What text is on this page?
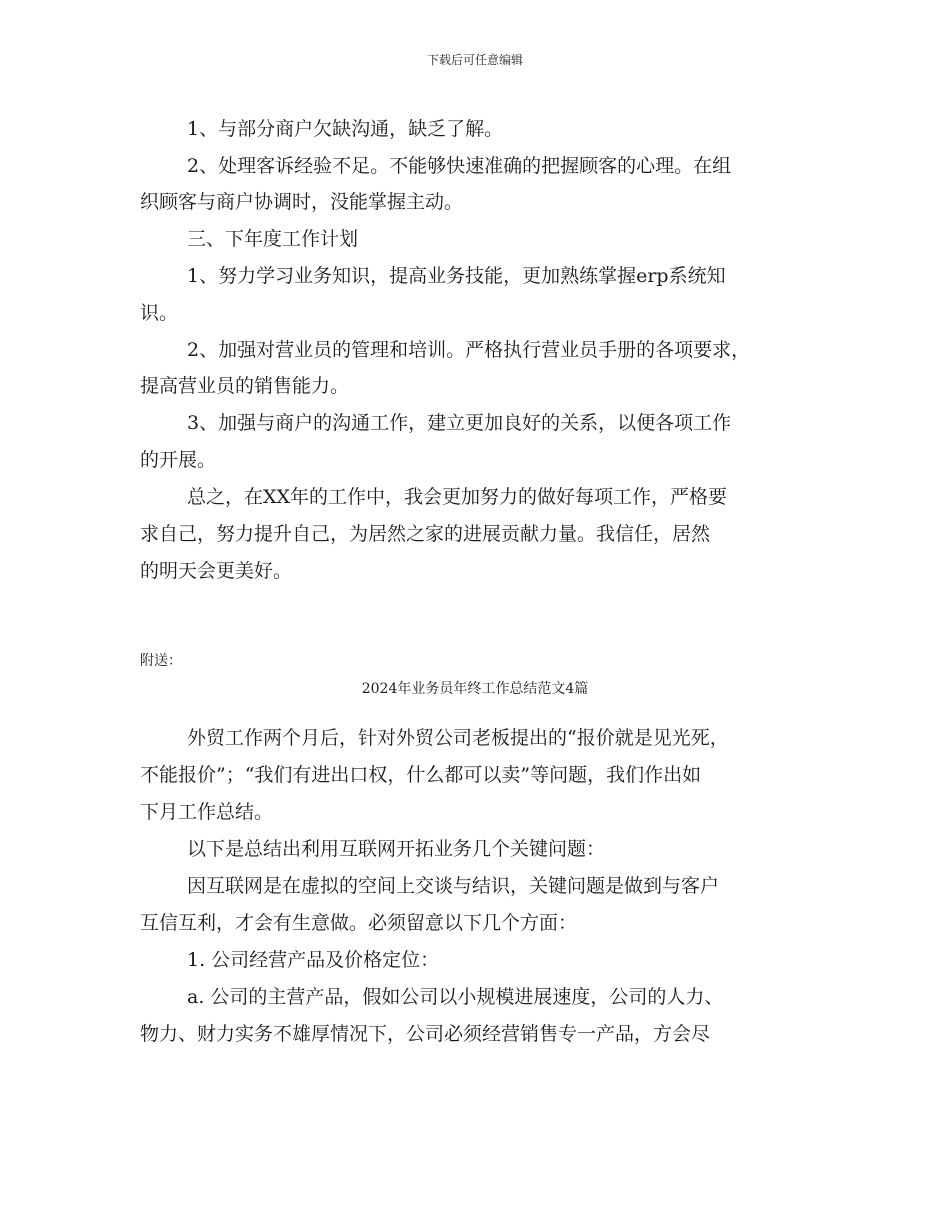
下载后可任意编辑
1、与部分商户欠缺沟通，缺乏了解。
2、处理客诉经验不足。不能够快速准确的把握顾客的心理。在组
织顾客与商户协调时，没能掌握主动。
三、下年度工作计划
1、努力学习业务知识，提高业务技能，更加熟练掌握erp系统知
识。
2、加强对营业员的管理和培训。严格执行营业员手册的各项要求，
提高营业员的销售能力。
3、加强与商户的沟通工作，建立更加良好的关系，以便各项工作
的开展。
总之，在XX年的工作中，我会更加努力的做好每项工作，严格要
求自己，努力提升自己，为居然之家的进展贡献力量。我信任，居然
的明天会更美好。
附送：
2024年业务员年终工作总结范文4篇
外贸工作两个月后，针对外贸公司老板提出的“报价就是见光死，
不能报价”；“我们有进出口权，什么都可以卖”等问题，我们作出如
下月工作总结。
以下是总结出利用互联网开拓业务几个关键问题：
因互联网是在虚拟的空间上交谈与结识，关键问题是做到与客户
互信互利，才会有生意做。必须留意以下几个方面：
1. 公司经营产品及价格定位：
a. 公司的主营产品，假如公司以小规模进展速度，公司的人力、
物力、财力实务不雄厚情况下，公司必须经营销售专一产品，方会尽
